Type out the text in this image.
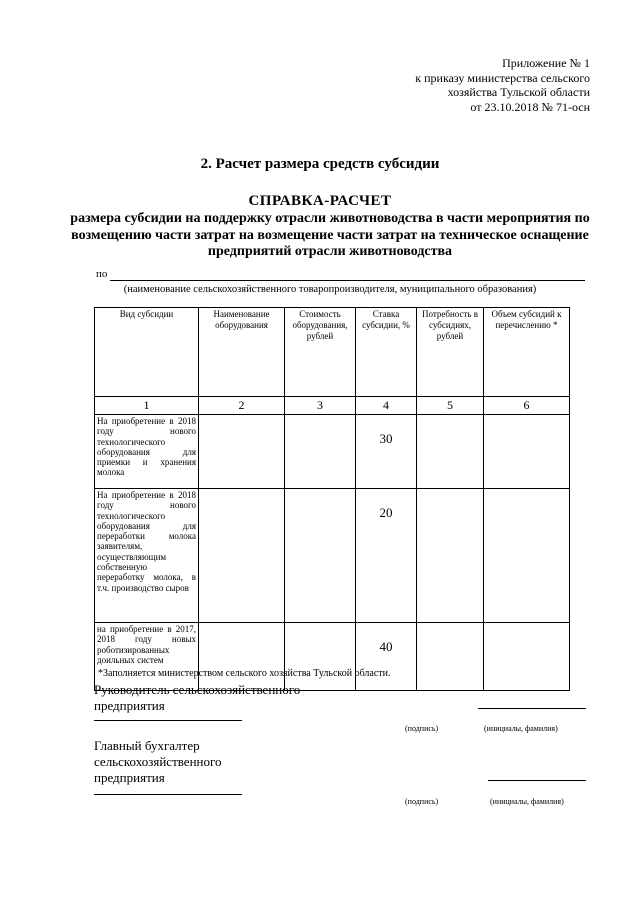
Приложение № 1
к приказу министерства сельского
хозяйства Тульской области
от 23.10.2018 № 71-осн
2. Расчет размера средств субсидии
СПРАВКА-РАСЧЕТ
размера субсидии на поддержку отрасли животноводства в части мероприятия по возмещению части затрат на возмещение части затрат на техническое оснащение предприятий отрасли животноводства
по
(наименование сельскохозяйственного товаропроизводителя, муниципального образования)
Вид субсидии	Наименование оборудования	Стоимость оборудования, рублей	Ставка субсидии, %	Потребность в субсидиях, рублей	Объем субсидий к перечислению *
1	2	3	4	5	6
На приобретение в 2018 году нового технологического оборудования для приемки и хранения молока			30		
На приобретение в 2018 году нового технологического оборудования для переработки молока заявителям, осуществляющим собственную переработку молока, в т.ч. производство сыров			20		
на приобретение в 2017, 2018 году новых роботизированных доильных систем			40		
*Заполняется министерством сельского хозяйства Тульской области.
Руководитель сельскохозяйственного
предприятия
(подпись)	(инициалы, фамилия)
Главный бухгалтер
сельскохозяйственного
предприятия
(подпись)	(инициалы, фамилия)
